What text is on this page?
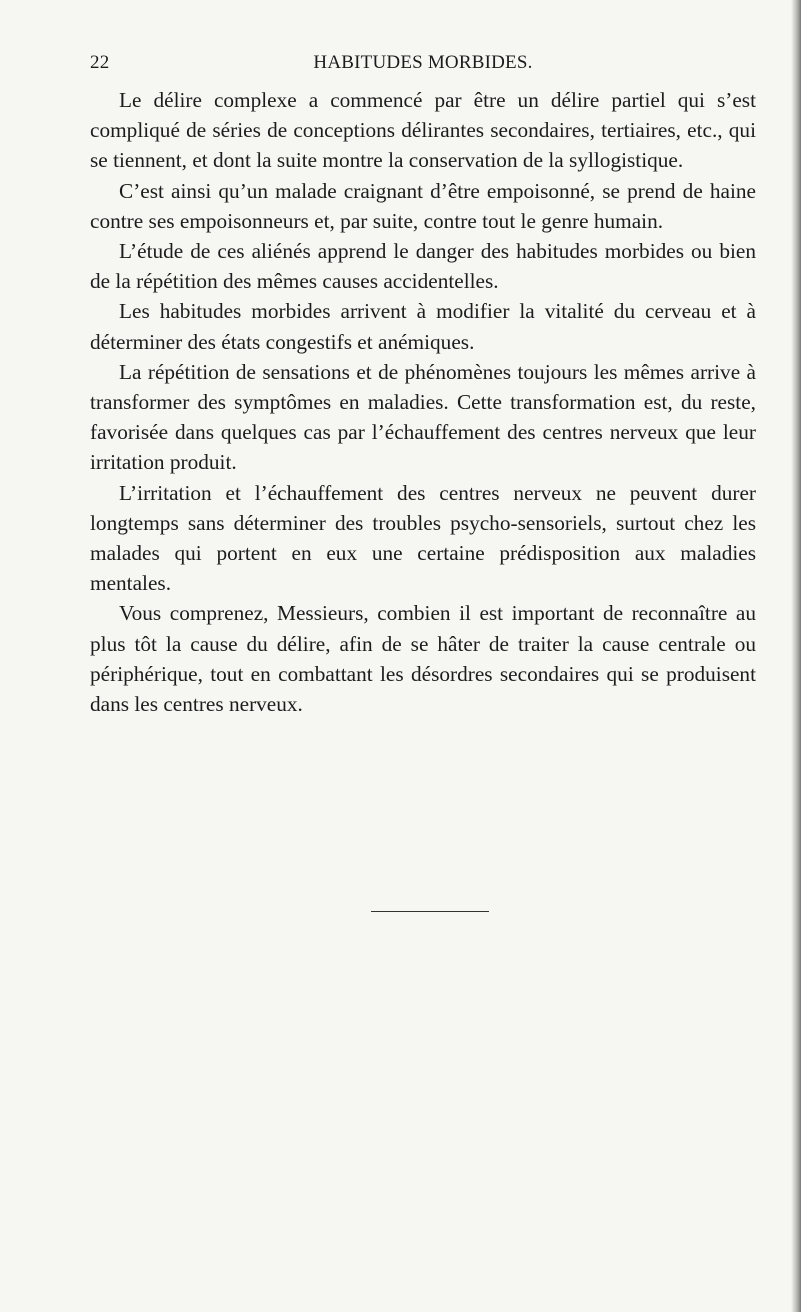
22	HABITUDES MORBIDES.

Le délire complexe a commencé par être un délire partiel qui s’est compliqué de séries de conceptions délirantes secondaires, tertiaires, etc., qui se tiennent, et dont la suite montre la conservation de la syllogistique.

C’est ainsi qu’un malade craignant d’être empoisonné, se prend de haine contre ses empoisonneurs et, par suite, contre tout le genre humain.

L’étude de ces aliénés apprend le danger des habitudes morbides ou bien de la répétition des mêmes causes accidentelles.

Les habitudes morbides arrivent à modifier la vitalité du cerveau et à déterminer des états congestifs et anémiques.

La répétition de sensations et de phénomènes toujours les mêmes arrive à transformer des symptômes en maladies. Cette transformation est, du reste, favorisée dans quelques cas par l’échauffement des centres nerveux que leur irritation produit.

L’irritation et l’échauffement des centres nerveux ne peuvent durer longtemps sans déterminer des troubles psycho-sensoriels, surtout chez les malades qui portent en eux une certaine prédisposition aux maladies mentales.

Vous comprenez, Messieurs, combien il est important de reconnaître au plus tôt la cause du délire, afin de se hâter de traiter la cause centrale ou périphérique, tout en combattant les désordres secondaires qui se produisent dans les centres nerveux.
